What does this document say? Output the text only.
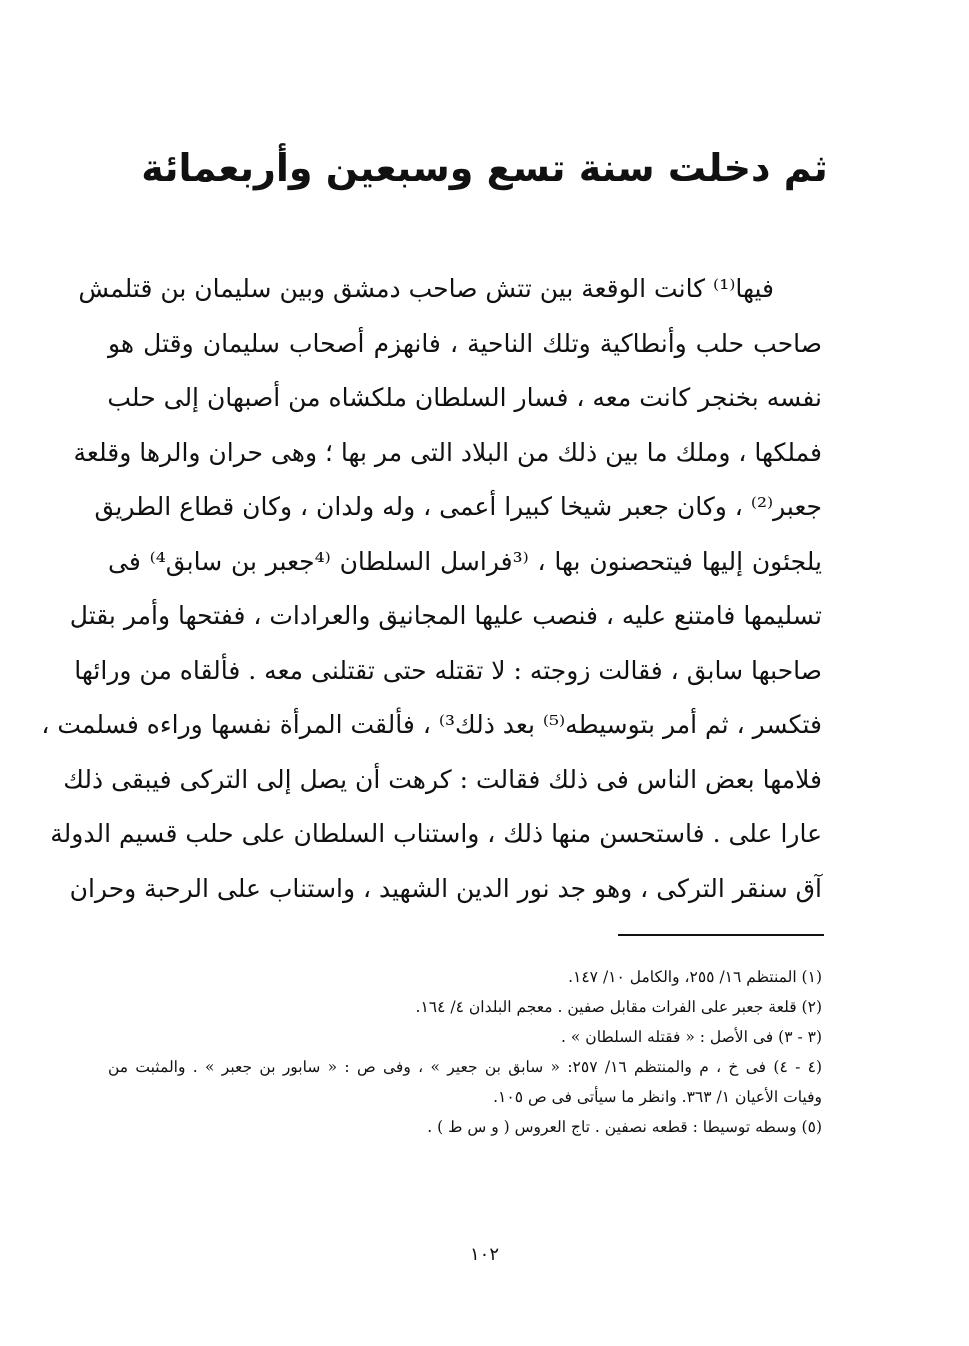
ثم دخلت سنة تسع وسبعين وأربعمائة
فيها⁽¹⁾ كانت الوقعة بين تتش صاحب دمشق وبين سليمان بن قتلمش
صاحب حلب وأنطاكية وتلك الناحية ، فانهزم أصحاب سليمان وقتل هو
نفسه بخنجر كانت معه ، فسار السلطان ملكشاه من أصبهان إلى حلب
فملكها ، وملك ما بين ذلك من البلاد التى مر بها ؛ وهى حران والرها وقلعة
جعبر⁽²⁾ ، وكان جعبر شيخا كبيرا أعمى ، وله ولدان ، وكان قطاع الطريق
يلجئون إليها فيتحصنون بها ، ⁽³فراسل السلطان ⁽⁴جعبر بن سابق⁴⁾ فى
تسليمها فامتنع عليه ، فنصب عليها المجانيق والعرادات ، ففتحها وأمر بقتل
صاحبها سابق ، فقالت زوجته : لا تقتله حتى تقتلنى معه . فألقاه من ورائها
فتكسر ، ثم أمر بتوسيطه⁽⁵⁾ بعد ذلك³⁾ ، فألقت المرأة نفسها وراءه فسلمت ،
فلامها بعض الناس فى ذلك فقالت : كرهت أن يصل إلى التركى فيبقى ذلك
عارا على . فاستحسن منها ذلك ، واستناب السلطان على حلب قسيم الدولة
آق سنقر التركى ، وهو جد نور الدين الشهيد ، واستناب على الرحبة وحران
(١) المنتظم ١٦/ ٢٥٥، والكامل ١٠/ ١٤٧.
(٢) قلعة جعبر على الفرات مقابل صفين . معجم البلدان ٤/ ١٦٤.
(٣ - ٣) فى الأصل : « فقتله السلطان » .
(٤ - ٤) فى خ ، م والمنتظم ١٦/ ٢٥٧: « سابق بن جعير » ، وفى ص : « سابور بن جعبر » . والمثبت من
وفيات الأعيان ١/ ٣٦٣. وانظر ما سيأتى فى ص ١٠٥.
(٥) وسطه توسيطا : قطعه نصفين . تاج العروس ( و س ط ) .
١٠٢
